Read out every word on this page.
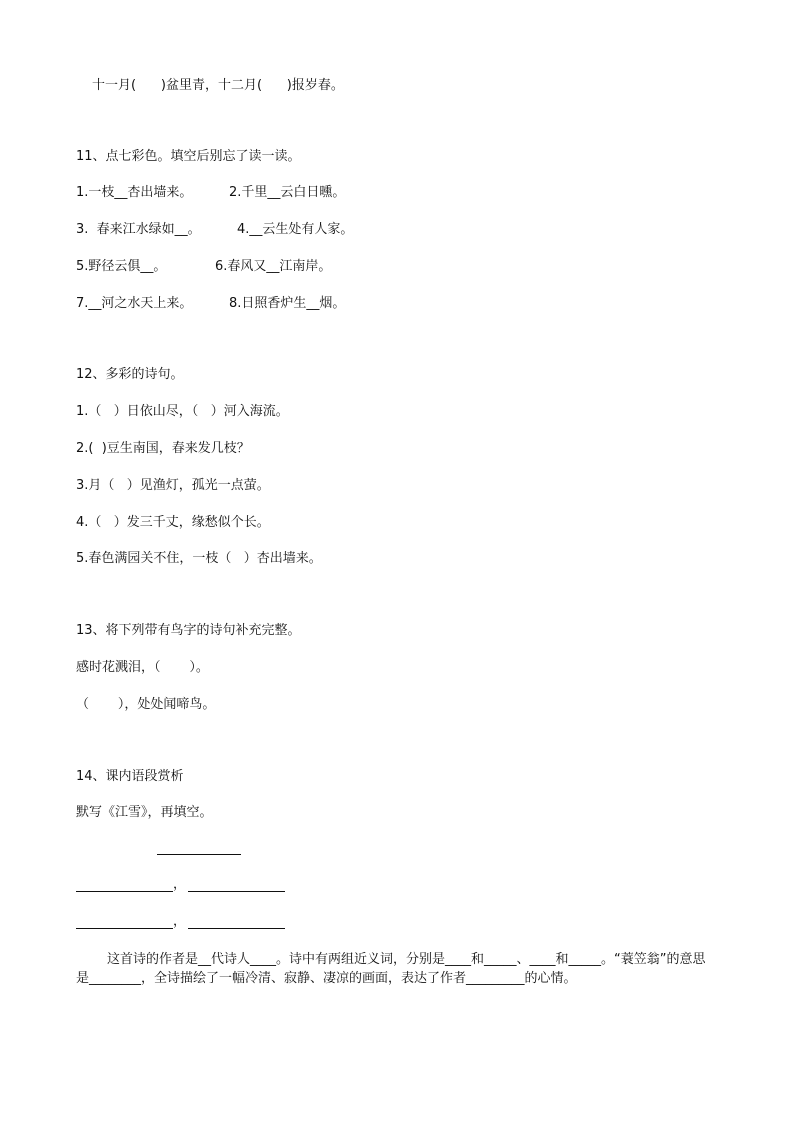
十一月(      )盆里青，十二月(      )报岁春。
11、点七彩色。填空后别忘了读一读。
1.一枝__杏出墙来。	2.千里__云白日曛。
3.  春来江水绿如__。	4.__云生处有人家。
5.野径云俱__。	6.春风又__江南岸。
7.__河之水天上来。	8.日照香炉生__烟。
12、多彩的诗句。
1.（   ）日依山尽，（   ）河入海流。
2.(  )豆生南国，春来发几枝？
3.月（   ）见渔灯，孤光一点萤。
4.（   ）发三千丈，缘愁似个长。
5.春色满园关不住，一枝（   ）杏出墙来。
13、将下列带有鸟字的诗句补充完整。
感时花溅泪，（       ）。
（       ），处处闻啼鸟。
14、课内语段赏析
默写《江雪》，再填空。
，
，
这首诗的作者是__代诗人____。诗中有两组近义词，分别是____和_____、____和_____。“蓑笠翁”的意思是________，全诗描绘了一幅冷清、寂静、凄凉的画面，表达了作者_________的心情。
